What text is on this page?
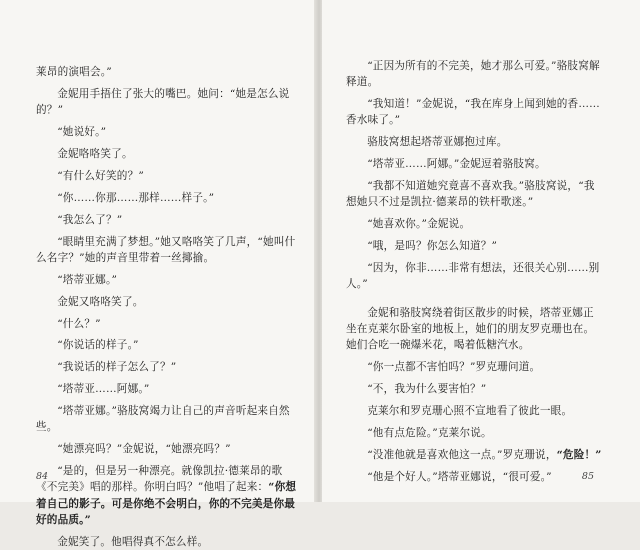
莱昂的演唱会。”

金妮用手捂住了张大的嘴巴。她问：“她是怎么说的？”

“她说好。”

金妮咯咯笑了。

“有什么好笑的？”

“你……你那……那样……样子。”

“我怎么了？”

“眼睛里充满了梦想。”她又咯咯笑了几声，“她叫什么名字？”她的声音里带着一丝揶揄。

“塔蒂亚娜。”

金妮又咯咯笑了。

“什么？”

“你说话的样子。”

“我说话的样子怎么了？”

“塔蒂亚……阿娜。”

“塔蒂亚娜。”骆肢窝竭力让自己的声音听起来自然些。

“她漂亮吗？”金妮说，“她漂亮吗？”

“是的，但是另一种漂亮。就像凯拉·德莱昂的歌《不完美》唱的那样。你明白吗？”他唱了起来：“你想着自己的影子。可是你绝不会明白，你的不完美是你最好的品质。”

金妮笑了。他唱得真不怎么样。

84

“正因为所有的不完美，她才那么可爱。”骆肢窝解释道。

“我知道！”金妮说，“我在库身上闻到她的香……香水味了。”

骆肢窝想起塔蒂亚娜抱过库。

“塔蒂亚……阿娜。”金妮逗着骆肢窝。

“我都不知道她究竟喜不喜欢我。”骆肢窝说，“我想她只不过是凯拉·德莱昂的铁杆歌迷。”

“她喜欢你。”金妮说。

“哦，是吗？你怎么知道？”

“因为，你非……非常有想法，还很关心别……别人。”

金妮和骆肢窝绕着街区散步的时候，塔蒂亚娜正坐在克莱尔卧室的地板上，她们的朋友罗克珊也在。她们合吃一碗爆米花，喝着低糖汽水。

“你一点都不害怕吗？”罗克珊问道。

“不，我为什么要害怕？”

克莱尔和罗克珊心照不宣地看了彼此一眼。

“他有点危险。”克莱尔说。

“没准他就是喜欢他这一点。”罗克珊说，“危险！”

“他是个好人。”塔蒂亚娜说，“很可爱。”	85
